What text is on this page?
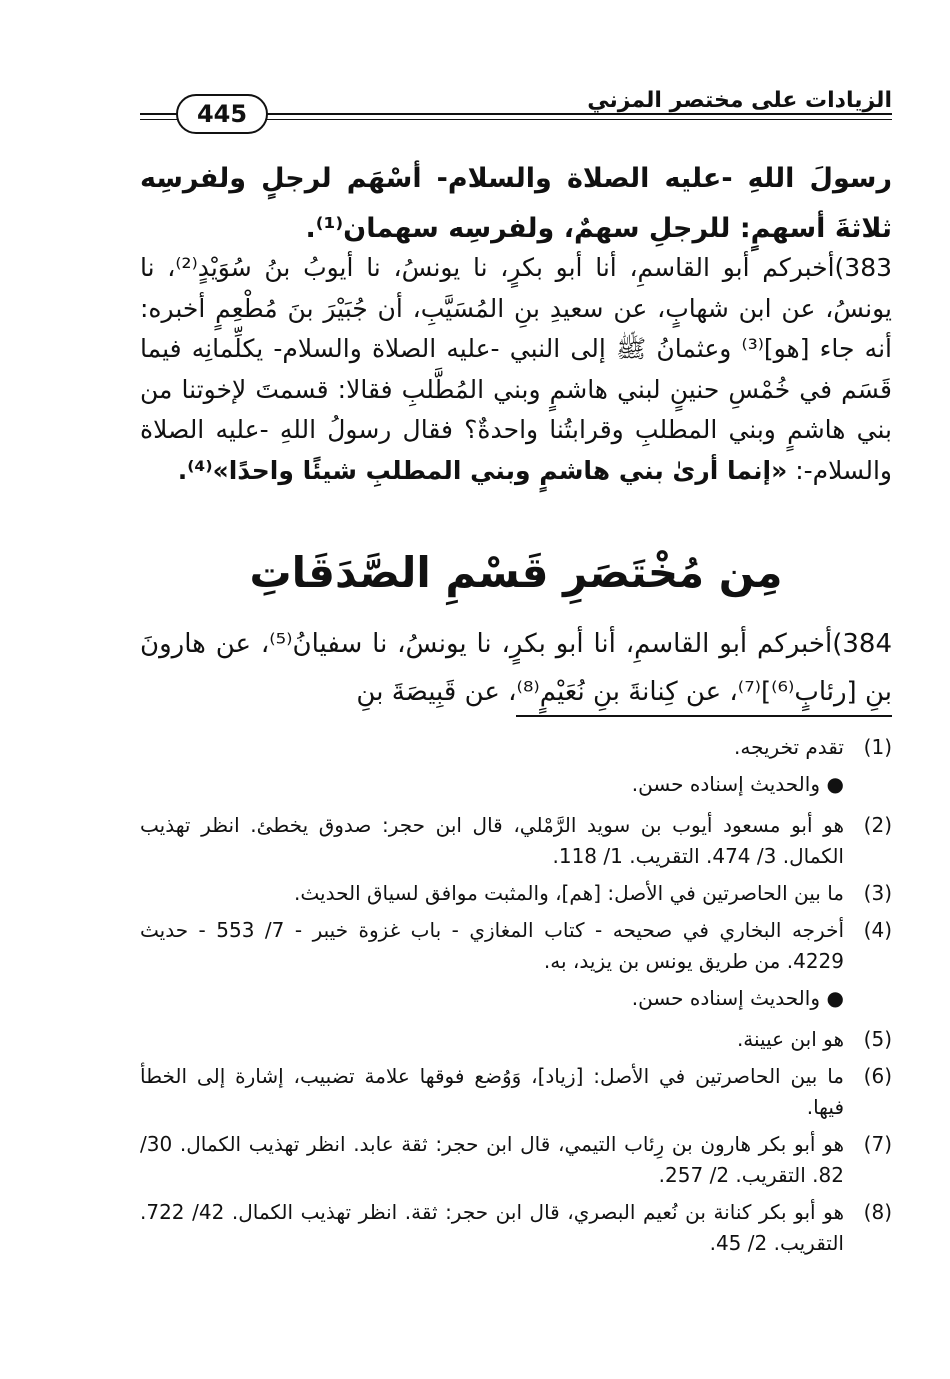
445	الزيادات على مختصر المزني
رسولَ اللهِ -عليه الصلاة والسلام- أسْهَم لرجلٍ ولفرسِه ثلاثةَ أسهمٍ: للرجلِ سهمٌ، ولفرسِه سهمان⁽¹⁾.
383)أخبركم أبو القاسمِ، أنا أبو بكرٍ، نا يونسُ، نا أيوبُ بنُ سُوَيْدٍ⁽²⁾، نا يونسُ، عن ابن شهابٍ، عن سعيدِ بنِ المُسَيَّبِ، أن جُبَيْرَ بنَ مُطْعِمٍ أخبره: أنه جاء [هو]⁽³⁾ وعثمانُ ﷺ إلى النبي -عليه الصلاة والسلام- يكلِّمانِه فيما قَسَم في خُمْسِ حنينٍ لبني هاشمٍ وبني المُطَّلبِ فقالا: قسمتَ لإخوتنا من بني هاشمٍ وبني المطلبِ وقرابتُنا واحدةٌ؟ فقال رسولُ اللهِ -عليه الصلاة والسلام-: «إنما أرىٰ بني هاشمٍ وبني المطلبِ شيئًا واحدًا»⁽⁴⁾.
مِن مُخْتَصَرِ قَسْمِ الصَّدَقَاتِ
384)أخبركم أبو القاسمِ، أنا أبو بكرٍ، نا يونسُ، نا سفيانُ⁽⁵⁾، عن هارونَ بنِ [رئابٍ⁽⁶⁾]⁽⁷⁾، عن كِنانةَ بنِ نُعَيْمٍ⁽⁸⁾، عن قَبِيصَةَ بنِ
(1)
تقدم تخريجه.
●
والحديث إسناده حسن.
(2)
هو أبو مسعود أيوب بن سويد الرَّمْلي، قال ابن حجر: صدوق يخطئ. انظر تهذيب الكمال. 3/ 474. التقريب. 1/ 118.
(3)
ما بين الحاصرتين في الأصل: [هم]، والمثبت موافق لسياق الحديث.
(4)
أخرجه البخاري في صحيحه - كتاب المغازي - باب غزوة خيبر - 7/ 553 - حديث 4229. من طريق يونس بن يزيد، به.
●
والحديث إسناده حسن.
(5)
هو ابن عيينة.
(6)
ما بين الحاصرتين في الأصل: [زياد]، وَوُضع فوقها علامة تضبيب، إشارة إلى الخطأ فيها.
(7)
هو أبو بكر هارون بن رِئاب التيمي، قال ابن حجر: ثقة عابد. انظر تهذيب الكمال. 30/ 82. التقريب. 2/ 257.
(8)
هو أبو بكر كنانة بن نُعيم البصري، قال ابن حجر: ثقة. انظر تهذيب الكمال. 42/ 722. التقريب. 2/ 45.
